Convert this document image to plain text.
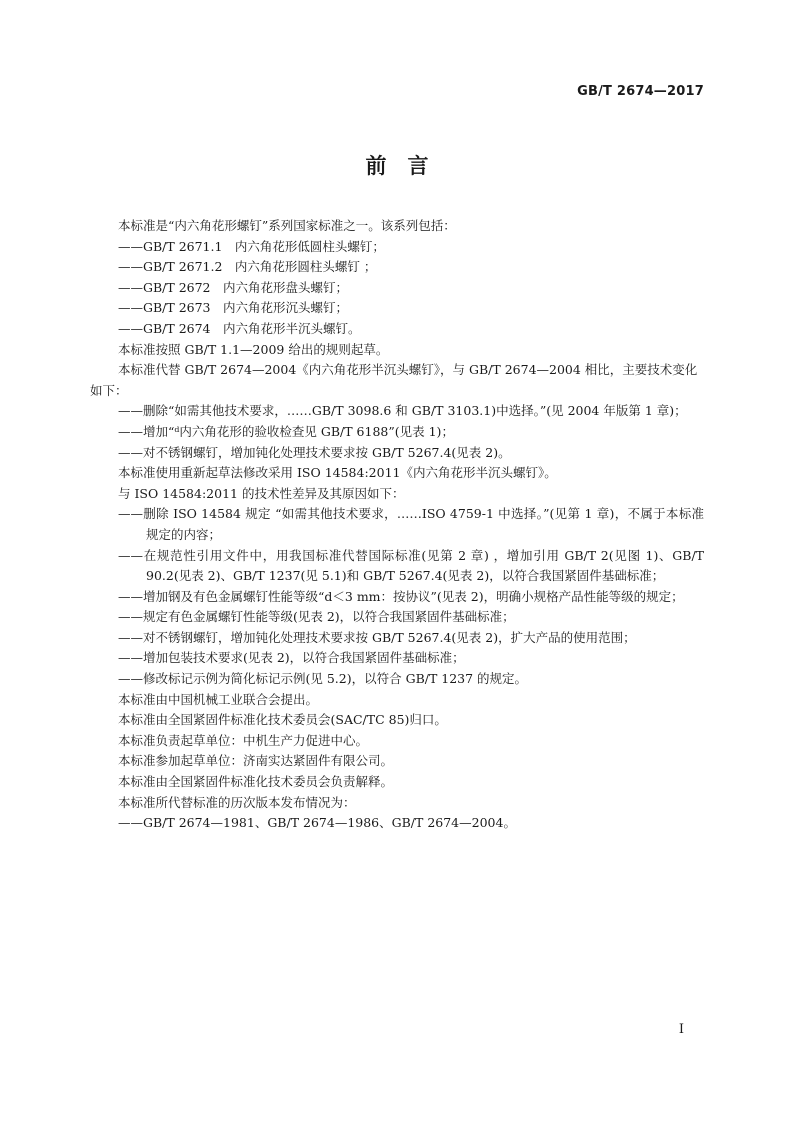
GB/T 2674—2017
前　言

本标准是“内六角花形螺钉”系列国家标准之一。该系列包括：

——GB/T 2671.1　内六角花形低圆柱头螺钉；

——GB/T 2671.2　内六角花形圆柱头螺钉 ；

——GB/T 2672　内六角花形盘头螺钉；

——GB/T 2673　内六角花形沉头螺钉；

——GB/T 2674　内六角花形半沉头螺钉。

本标准按照 GB/T 1.1—2009 给出的规则起草。

本标准代替 GB/T 2674—2004《内六角花形半沉头螺钉》，与 GB/T 2674—2004 相比，主要技术变化如下：

——删除“如需其他技术要求，……GB/T 3098.6 和 GB/T 3103.1)中选择。”(见 2004 年版第 1 章)；

——增加“ᵈ内六角花形的验收检查见 GB/T 6188”(见表 1)；

——对不锈钢螺钉，增加钝化处理技术要求按 GB/T 5267.4(见表 2)。

本标准使用重新起草法修改采用 ISO 14584:2011《内六角花形半沉头螺钉》。

与 ISO 14584:2011 的技术性差异及其原因如下：

——删除 ISO 14584 规定 “如需其他技术要求，……ISO 4759-1 中选择。”(见第 1 章)，不属于本标准规定的内容；

——在规范性引用文件中，用我国标准代替国际标准(见第 2 章) ，增加引用 GB/T 2(见图 1)、GB/T 90.2(见表 2)、GB/T 1237(见 5.1)和 GB/T 5267.4(见表 2)，以符合我国紧固件基础标准；

——增加钢及有色金属螺钉性能等级“d＜3 mm：按协议”(见表 2)，明确小规格产品性能等级的规定；

——规定有色金属螺钉性能等级(见表 2)，以符合我国紧固件基础标准；

——对不锈钢螺钉，增加钝化处理技术要求按 GB/T 5267.4(见表 2)，扩大产品的使用范围；

——增加包装技术要求(见表 2)，以符合我国紧固件基础标准；

——修改标记示例为简化标记示例(见 5.2)，以符合 GB/T 1237 的规定。

本标准由中国机械工业联合会提出。

本标准由全国紧固件标准化技术委员会(SAC/TC 85)归口。

本标准负责起草单位：中机生产力促进中心。

本标准参加起草单位：济南实达紧固件有限公司。

本标准由全国紧固件标准化技术委员会负责解释。

本标准所代替标准的历次版本发布情况为：

——GB/T 2674—1981、GB/T 2674—1986、GB/T 2674—2004。

I
